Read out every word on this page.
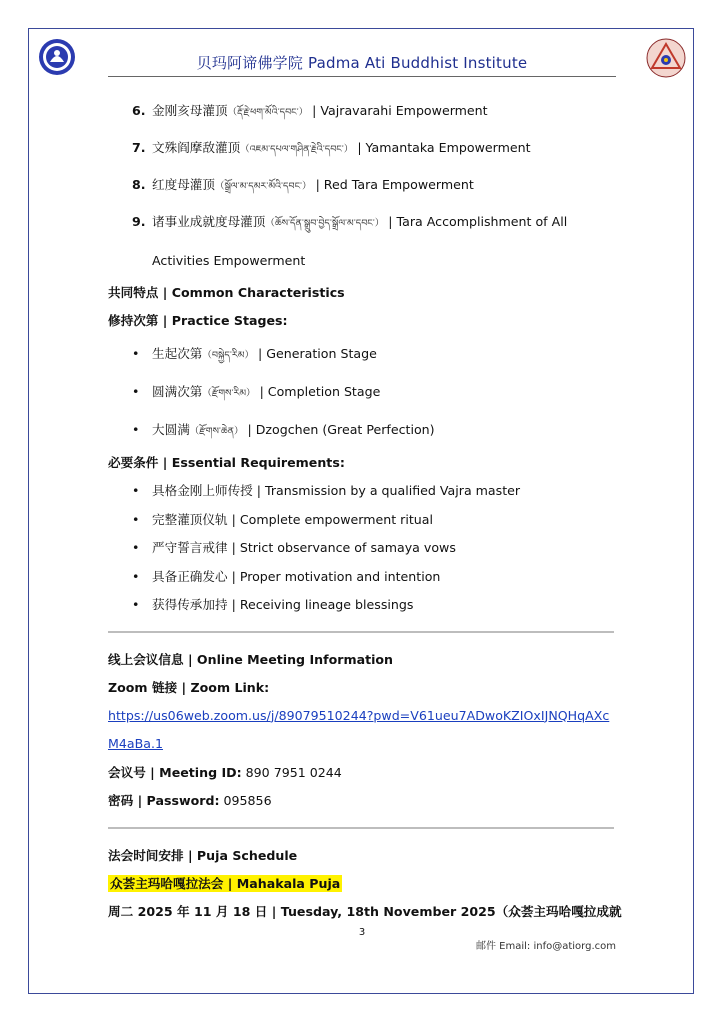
贝玛阿谛佛学院 Padma Ati Buddhist Institute
6. 金刚亥母灌顶（རྡོ་རྗེ་ཕག་མོའི་དབང་） | Vajravarahi Empowerment
7. 文殊阎摩敌灌顶（འཇམ་དཔལ་གཤིན་རྗེའི་དབང་） | Yamantaka Empowerment
8. 红度母灌顶（སྒྲོལ་མ་དམར་མོའི་དབང་） | Red Tara Empowerment
9. 诸事业成就度母灌顶（ཆོས་དོན་སྒྲུབ་བྱེད་སྒྲོལ་མ་དབང་） | Tara Accomplishment of All
Activities Empowerment
共同特点 | Common Characteristics
修持次第 | Practice Stages:
• 生起次第（བསྐྱེད་རིམ） | Generation Stage
• 圆满次第（རྫོགས་རིམ） | Completion Stage
• 大圆满（རྫོགས་ཆེན） | Dzogchen (Great Perfection)
必要条件 | Essential Requirements:
• 具格金刚上师传授 | Transmission by a qualified Vajra master
• 完整灌顶仪轨 | Complete empowerment ritual
• 严守誓言戒律 | Strict observance of samaya vows
• 具备正确发心 | Proper motivation and intention
• 获得传承加持 | Receiving lineage blessings
线上会议信息 | Online Meeting Information
Zoom 链接 | Zoom Link:
https://us06web.zoom.us/j/89079510244?pwd=V61ueu7ADwoKZIOxIJNQHqAXcM4aBa.1
会议号 | Meeting ID: 890 7951 0244
密码 | Password: 095856
法会时间安排 | Puja Schedule
众荟主玛哈嘎拉法会 | Mahakala Puja
周二 2025 年 11 月 18 日 | Tuesday, 18th November 2025（众荟主玛哈嘎拉成就
3
邮件 Email: info@atiorg.com
